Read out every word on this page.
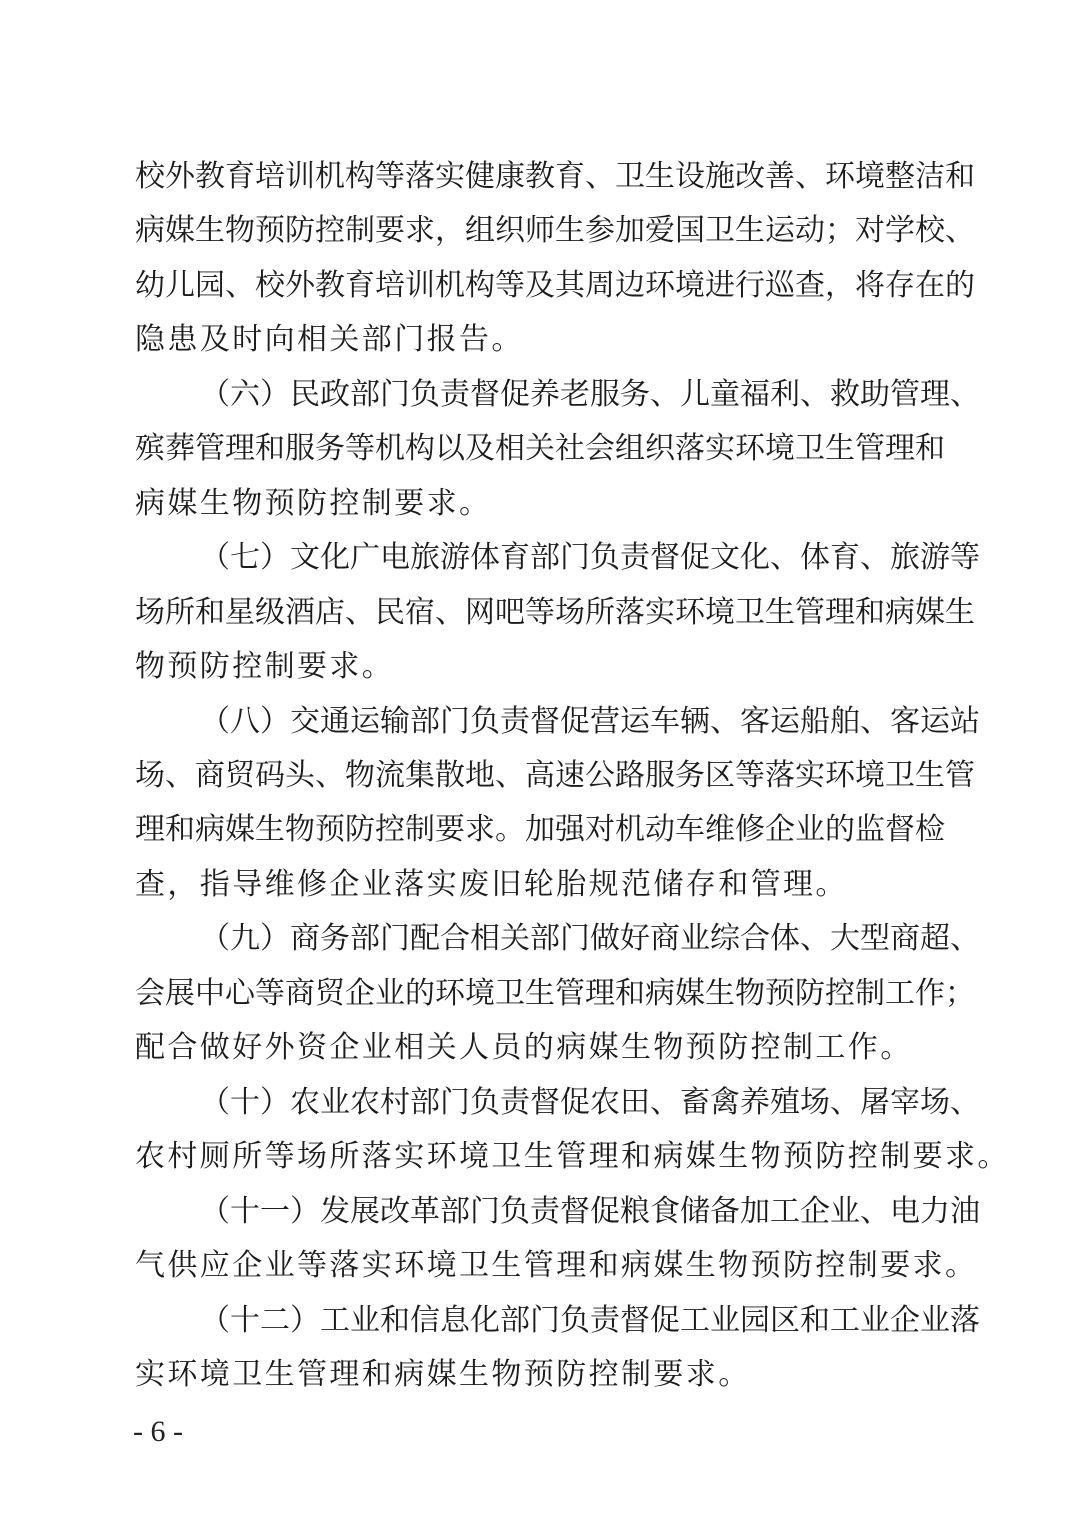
校外教育培训机构等落实健康教育、卫生设施改善、环境整洁和
病媒生物预防控制要求，组织师生参加爱国卫生运动；对学校、
幼儿园、校外教育培训机构等及其周边环境进行巡查，将存在的
隐患及时向相关部门报告。
（六）民政部门负责督促养老服务、儿童福利、救助管理、
殡葬管理和服务等机构以及相关社会组织落实环境卫生管理和
病媒生物预防控制要求。
（七）文化广电旅游体育部门负责督促文化、体育、旅游等
场所和星级酒店、民宿、网吧等场所落实环境卫生管理和病媒生
物预防控制要求。
（八）交通运输部门负责督促营运车辆、客运船舶、客运站
场、商贸码头、物流集散地、高速公路服务区等落实环境卫生管
理和病媒生物预防控制要求。加强对机动车维修企业的监督检
查，指导维修企业落实废旧轮胎规范储存和管理。
（九）商务部门配合相关部门做好商业综合体、大型商超、
会展中心等商贸企业的环境卫生管理和病媒生物预防控制工作；
配合做好外资企业相关人员的病媒生物预防控制工作。
（十）农业农村部门负责督促农田、畜禽养殖场、屠宰场、
农村厕所等场所落实环境卫生管理和病媒生物预防控制要求。
（十一）发展改革部门负责督促粮食储备加工企业、电力油
气供应企业等落实环境卫生管理和病媒生物预防控制要求。
（十二）工业和信息化部门负责督促工业园区和工业企业落
实环境卫生管理和病媒生物预防控制要求。
- 6 -
